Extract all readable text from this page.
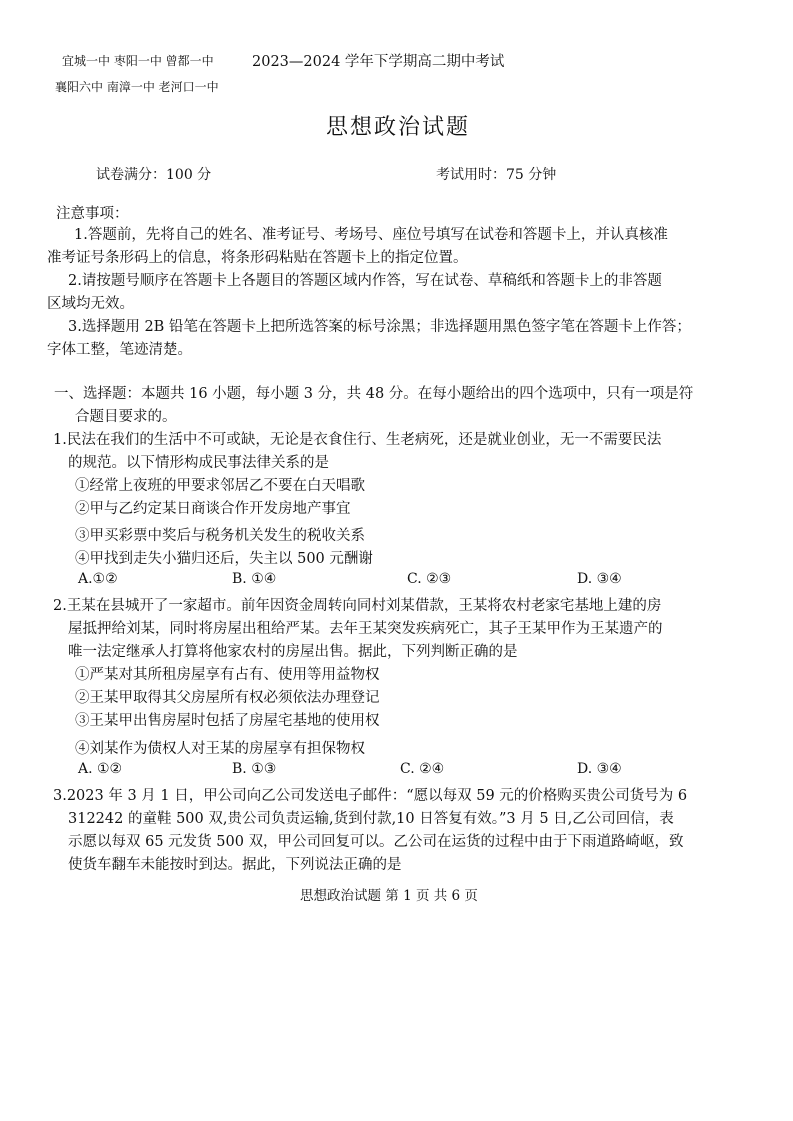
宜城一中 枣阳一中 曾都一中	2023—2024 学年下学期高二期中考试
襄阳六中 南漳一中 老河口一中
思想政治试题
试卷满分：100 分	考试用时：75 分钟
注意事项：
1.答题前，先将自己的姓名、准考证号、考场号、座位号填写在试卷和答题卡上，并认真核准
准考证号条形码上的信息，将条形码粘贴在答题卡上的指定位置。
2.请按题号顺序在答题卡上各题目的答题区域内作答，写在试卷、草稿纸和答题卡上的非答题
区域均无效。
3.选择题用 2B 铅笔在答题卡上把所选答案的标号涂黑；非选择题用黑色签字笔在答题卡上作答；
字体工整，笔迹清楚。
一、选择题：本题共 16 小题，每小题 3 分，共 48 分。在每小题给出的四个选项中，只有一项是符
合题目要求的。
1.民法在我们的生活中不可或缺，无论是衣食住行、生老病死，还是就业创业，无一不需要民法
的规范。以下情形构成民事法律关系的是
①经常上夜班的甲要求邻居乙不要在白天唱歌
②甲与乙约定某日商谈合作开发房地产事宜
③甲买彩票中奖后与税务机关发生的税收关系
④甲找到走失小猫归还后，失主以 500 元酬谢
A.①②	B. ①④	C. ②③	D. ③④
2.王某在县城开了一家超市。前年因资金周转向同村刘某借款，王某将农村老家宅基地上建的房
屋抵押给刘某，同时将房屋出租给严某。去年王某突发疾病死亡，其子王某甲作为王某遗产的
唯一法定继承人打算将他家农村的房屋出售。据此，下列判断正确的是
①严某对其所租房屋享有占有、使用等用益物权
②王某甲取得其父房屋所有权必须依法办理登记
③王某甲出售房屋时包括了房屋宅基地的使用权
④刘某作为债权人对王某的房屋享有担保物权
A. ①②	B. ①③	C. ②④	D. ③④
3.2023 年 3 月 1 日，甲公司向乙公司发送电子邮件：“愿以每双 59 元的价格购买贵公司货号为 6
312242 的童鞋 500 双,贵公司负责运输,货到付款,10 日答复有效。”3 月 5 日,乙公司回信，表
示愿以每双 65 元发货 500 双，甲公司回复可以。乙公司在运货的过程中由于下雨道路崎岖，致
使货车翻车未能按时到达。据此，下列说法正确的是
思想政治试题 第 1 页 共 6 页
